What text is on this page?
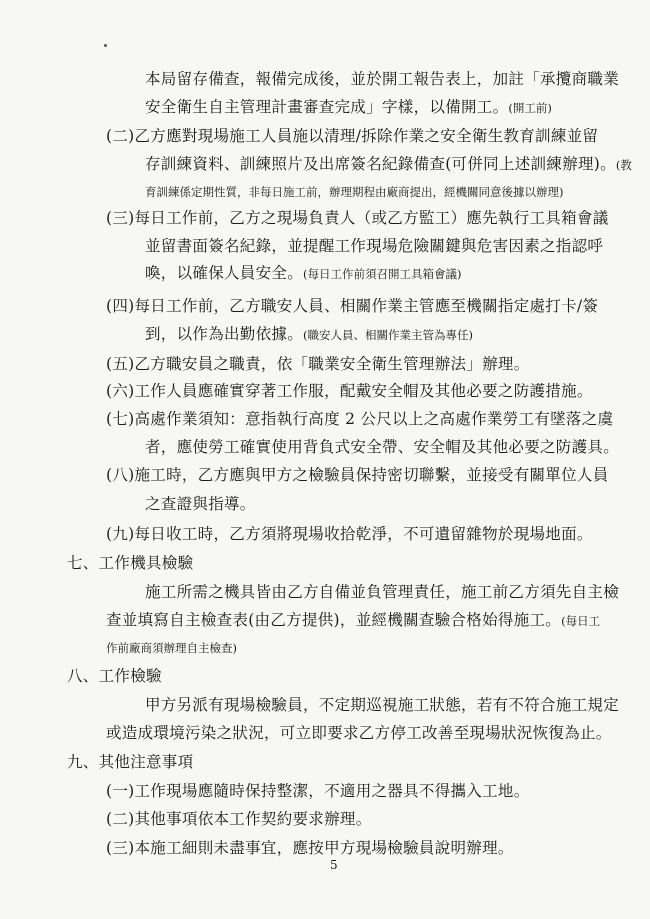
本局留存備查，報備完成後，並於開工報告表上，加註「承攬商職業
安全衛生自主管理計畫審查完成」字樣，以備開工。(開工前)
(二)乙方應對現場施工人員施以清理/拆除作業之安全衛生教育訓練並留
存訓練資料、訓練照片及出席簽名紀錄備查(可併同上述訓練辦理)。(教
育訓練係定期性質，非每日施工前，辦理期程由廠商提出，經機關同意後據以辦理)
(三)每日工作前，乙方之現場負責人（或乙方監工）應先執行工具箱會議
並留書面簽名紀錄，並提醒工作現場危險關鍵與危害因素之指認呼
喚，以確保人員安全。(每日工作前須召開工具箱會議)
(四)每日工作前，乙方職安人員、相關作業主管應至機關指定處打卡/簽
到，以作為出勤依據。(職安人員、相關作業主管為專任)
(五)乙方職安員之職責，依「職業安全衛生管理辦法」辦理。
(六)工作人員應確實穿著工作服，配戴安全帽及其他必要之防護措施。
(七)高處作業須知：意指執行高度 2 公尺以上之高處作業勞工有墜落之虞
者，應使勞工確實使用背負式安全帶、安全帽及其他必要之防護具。
(八)施工時，乙方應與甲方之檢驗員保持密切聯繫，並接受有關單位人員
之查證與指導。
(九)每日收工時，乙方須將現場收拾乾淨，不可遺留雜物於現場地面。
七、工作機具檢驗
施工所需之機具皆由乙方自備並負管理責任，施工前乙方須先自主檢
查並填寫自主檢查表(由乙方提供)，並經機關查驗合格始得施工。(每日工
作前廠商須辦理自主檢查)
八、工作檢驗
甲方另派有現場檢驗員，不定期巡視施工狀態，若有不符合施工規定
或造成環境污染之狀況，可立即要求乙方停工改善至現場狀況恢復為止。
九、其他注意事項
(一)工作現場應隨時保持整潔，不適用之器具不得攜入工地。
(二)其他事項依本工作契約要求辦理。
(三)本施工細則未盡事宜，應按甲方現場檢驗員說明辦理。
5
